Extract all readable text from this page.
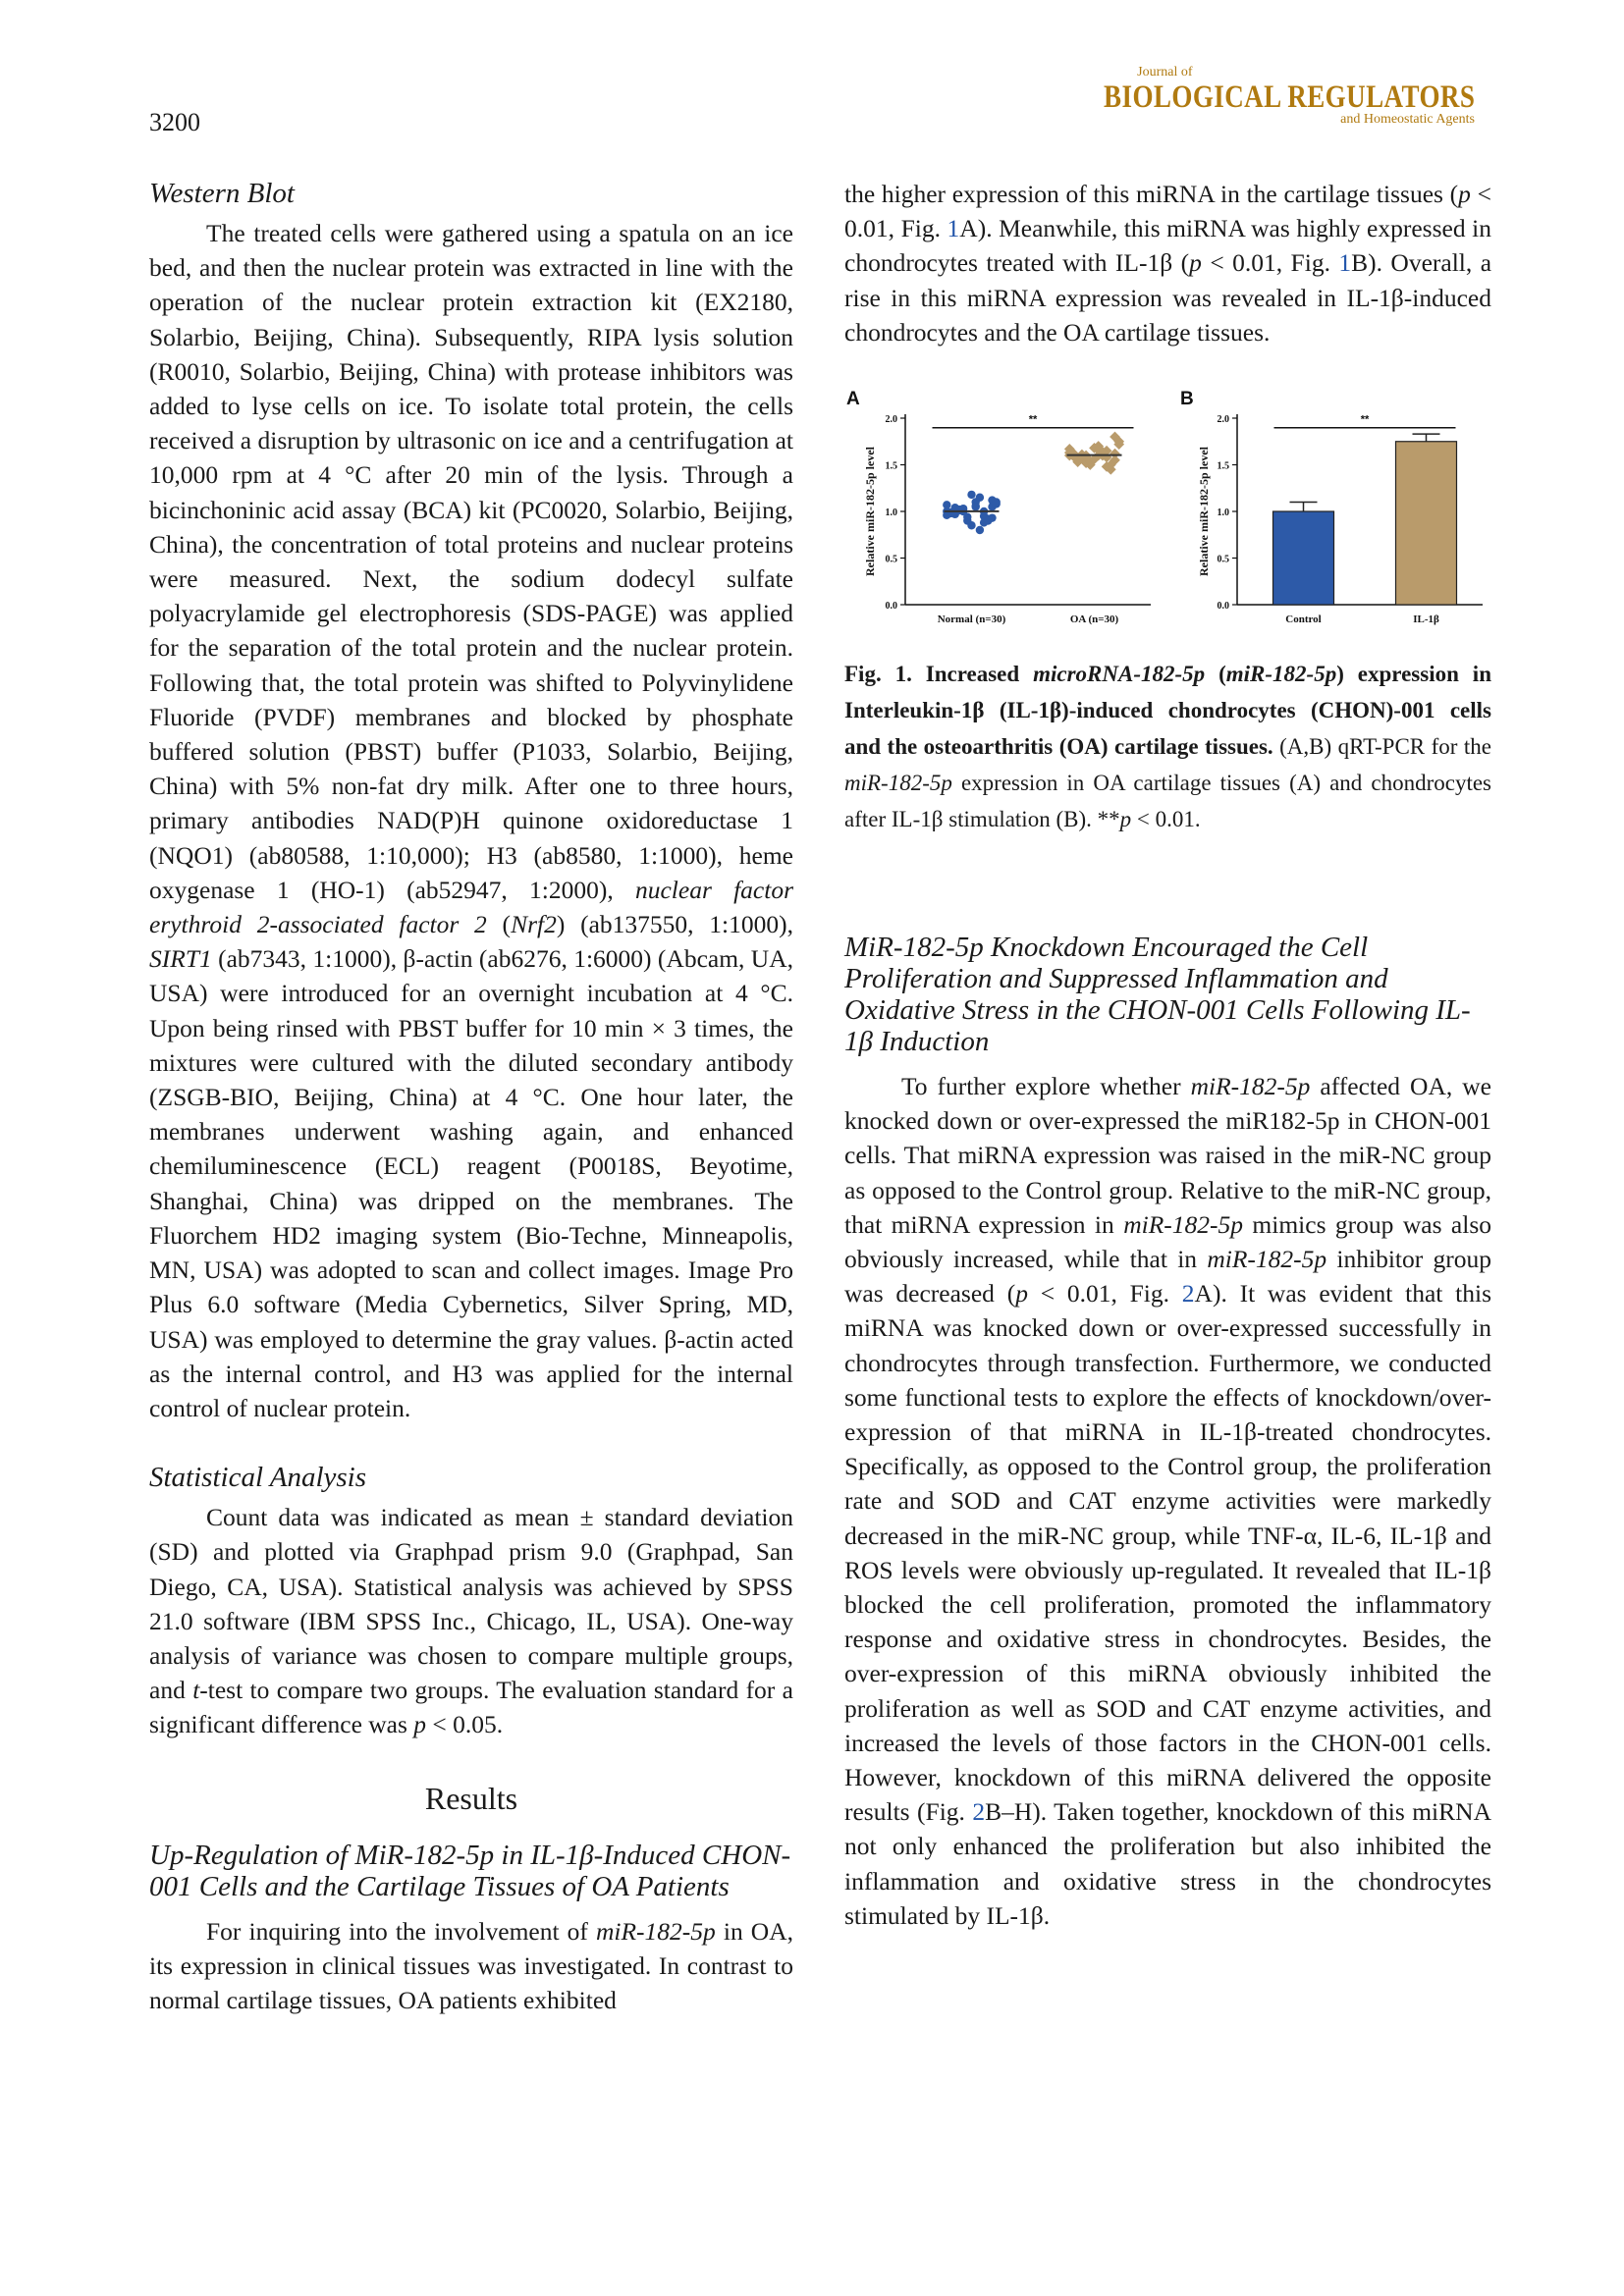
3200
Journal of
BIOLOGICAL REGULATORS
and Homeostatic Agents
Western Blot

The treated cells were gathered using a spatula on an ice bed, and then the nuclear protein was extracted in line with the operation of the nuclear protein extraction kit (EX2180, Solarbio, Beijing, China). Subsequently, RIPA lysis solution (R0010, Solarbio, Beijing, China) with protease inhibitors was added to lyse cells on ice. To isolate total protein, the cells received a disruption by ultrasonic on ice and a centrifugation at 10,000 rpm at 4 °C after 20 min of the lysis. Through a bicinchoninic acid assay (BCA) kit (PC0020, Solarbio, Beijing, China), the concentration of total proteins and nuclear proteins were measured. Next, the sodium dodecyl sulfate polyacrylamide gel electrophoresis (SDS-PAGE) was applied for the separation of the total protein and the nuclear protein. Following that, the total protein was shifted to Polyvinylidene Fluoride (PVDF) membranes and blocked by phosphate buffered solution (PBST) buffer (P1033, Solarbio, Beijing, China) with 5% non-fat dry milk. After one to three hours, primary antibodies NAD(P)H quinone oxidoreductase 1 (NQO1) (ab80588, 1:10,000); H3 (ab8580, 1:1000), heme oxygenase 1 (HO-1) (ab52947, 1:2000), nuclear factor erythroid 2-associated factor 2 (Nrf2) (ab137550, 1:1000), SIRT1 (ab7343, 1:1000), β-actin (ab6276, 1:6000) (Abcam, UA, USA) were introduced for an overnight incubation at 4 °C. Upon being rinsed with PBST buffer for 10 min × 3 times, the mixtures were cultured with the diluted secondary antibody (ZSGB-BIO, Beijing, China) at 4 °C. One hour later, the membranes underwent washing again, and enhanced chemiluminescence (ECL) reagent (P0018S, Beyotime, Shanghai, China) was dripped on the membranes. The Fluorchem HD2 imaging system (Bio-Techne, Minneapolis, MN, USA) was adopted to scan and collect images. Image Pro Plus 6.0 software (Media Cybernetics, Silver Spring, MD, USA) was employed to determine the gray values. β-actin acted as the internal control, and H3 was applied for the internal control of nuclear protein.

Statistical Analysis

Count data was indicated as mean ± standard deviation (SD) and plotted via Graphpad prism 9.0 (Graphpad, San Diego, CA, USA). Statistical analysis was achieved by SPSS 21.0 software (IBM SPSS Inc., Chicago, IL, USA). One-way analysis of variance was chosen to compare multiple groups, and t-test to compare two groups. The evaluation standard for a significant difference was p < 0.05.

Results
Up-Regulation of MiR-182-5p in IL-1β-Induced CHON-001 Cells and the Cartilage Tissues of OA Patients

For inquiring into the involvement of miR-182-5p in OA, its expression in clinical tissues was investigated. In contrast to normal cartilage tissues, OA patients exhibited

the higher expression of this miRNA in the cartilage tissues (p < 0.01, Fig. 1A). Meanwhile, this miRNA was highly expressed in chondrocytes treated with IL-1β (p < 0.01, Fig. 1B). Overall, a rise in this miRNA expression was revealed in IL-1β-induced chondrocytes and the OA cartilage tissues.

A
Relative miR-182-5p level
0.0
0.5
1.0
1.5
2.0
Normal (n=30)	OA (n=30)
**
B
Relative miR-182-5p level
0.0
0.5
1.0
1.5
2.0
Control	IL-1β
**
Fig. 1. Increased microRNA-182-5p (miR-182-5p) expression in Interleukin-1β (IL-1β)-induced chondrocytes (CHON)-001 cells and the osteoarthritis (OA) cartilage tissues. (A,B) qRT-PCR for the miR-182-5p expression in OA cartilage tissues (A) and chondrocytes after IL-1β stimulation (B). **p < 0.01.
MiR-182-5p Knockdown Encouraged the Cell Proliferation and Suppressed Inflammation and Oxidative Stress in the CHON-001 Cells Following IL-1β Induction

To further explore whether miR-182-5p affected OA, we knocked down or over-expressed the miR182-5p in CHON-001 cells. That miRNA expression was raised in the miR-NC group as opposed to the Control group. Relative to the miR-NC group, that miRNA expression in miR-182-5p mimics group was also obviously increased, while that in miR-182-5p inhibitor group was decreased (p < 0.01, Fig. 2A). It was evident that this miRNA was knocked down or over-expressed successfully in chondrocytes through transfection. Furthermore, we conducted some functional tests to explore the effects of knockdown/over-expression of that miRNA in IL-1β-treated chondrocytes. Specifically, as opposed to the Control group, the proliferation rate and SOD and CAT enzyme activities were markedly decreased in the miR-NC group, while TNF-α, IL-6, IL-1β and ROS levels were obviously up-regulated. It revealed that IL-1β blocked the cell proliferation, promoted the inflammatory response and oxidative stress in chondrocytes. Besides, the over-expression of this miRNA obviously inhibited the proliferation as well as SOD and CAT enzyme activities, and increased the levels of those factors in the CHON-001 cells. However, knockdown of this miRNA delivered the opposite results (Fig. 2B–H). Taken together, knockdown of this miRNA not only enhanced the proliferation but also inhibited the inflammation and oxidative stress in the chondrocytes stimulated by IL-1β.
